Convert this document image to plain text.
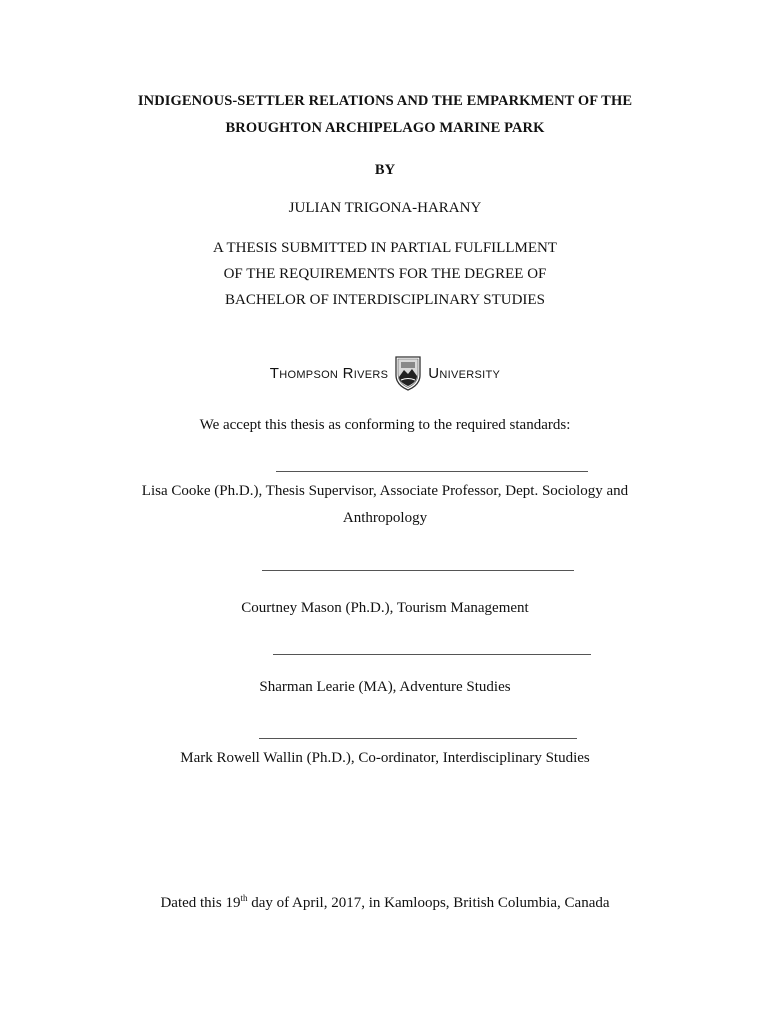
INDIGENOUS-SETTLER RELATIONS AND THE EMPARKMENT OF THE
BROUGHTON ARCHIPELAGO MARINE PARK
BY
JULIAN TRIGONA-HARANY
A THESIS SUBMITTED IN PARTIAL FULFILLMENT
OF THE REQUIREMENTS FOR THE DEGREE OF
BACHELOR OF INTERDISCIPLINARY STUDIES
Thompson Rivers	University
We accept this thesis as conforming to the required standards:
Lisa Cooke (Ph.D.), Thesis Supervisor, Associate Professor, Dept. Sociology and
Anthropology
Courtney Mason (Ph.D.), Tourism Management
Sharman Learie (MA), Adventure Studies
Mark Rowell Wallin (Ph.D.), Co-ordinator, Interdisciplinary Studies
Dated this 19th day of April, 2017, in Kamloops, British Columbia, Canada
